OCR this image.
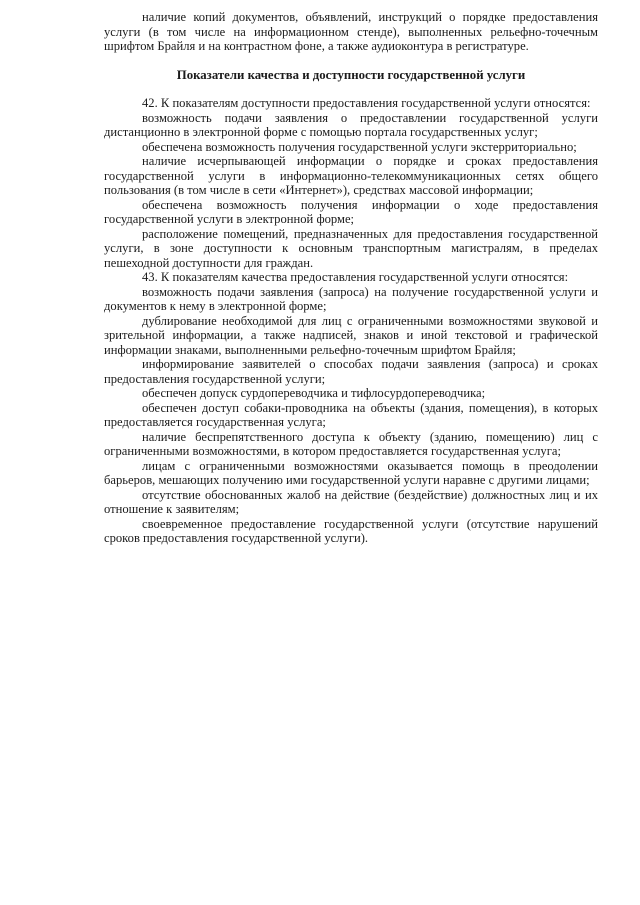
наличие копий документов, объявлений, инструкций о порядке предоставления услуги (в том числе на информационном стенде), выполненных рельефно-точечным шрифтом Брайля и на контрастном фоне, а также аудиоконтура в регистратуре.

Показатели качества и доступности государственной услуги

42. К показателям доступности предоставления государственной услуги относятся:

возможность подачи заявления о предоставлении государственной услуги дистанционно в электронной форме с помощью портала государственных услуг;

обеспечена возможность получения государственной услуги экстерриториально;

наличие исчерпывающей информации о порядке и сроках предоставления государственной услуги в информационно-телекоммуникационных сетях общего пользования (в том числе в сети «Интернет»), средствах массовой информации;

обеспечена возможность получения информации о ходе предоставления государственной услуги в электронной форме;

расположение помещений, предназначенных для предоставления государственной услуги, в зоне доступности к основным транспортным магистралям, в пределах пешеходной доступности для граждан.

43. К показателям качества предоставления государственной услуги относятся:

возможность подачи заявления (запроса) на получение государственной услуги и документов к нему в электронной форме;

дублирование необходимой для лиц с ограниченными возможностями звуковой и зрительной информации, а также надписей, знаков и иной текстовой и графической информации знаками, выполненными рельефно-точечным шрифтом Брайля;

информирование заявителей о способах подачи заявления (запроса) и сроках предоставления государственной услуги;

обеспечен допуск сурдопереводчика и тифлосурдопереводчика;

обеспечен доступ собаки-проводника на объекты (здания, помещения), в которых предоставляется государственная услуга;

наличие беспрепятственного доступа к объекту (зданию, помещению) лиц с ограниченными возможностями, в котором предоставляется государственная услуга;

лицам с ограниченными возможностями оказывается помощь в преодолении барьеров, мешающих получению ими государственной услуги наравне с другими лицами;

отсутствие обоснованных жалоб на действие (бездействие) должностных лиц и их отношение к заявителям;

своевременное предоставление государственной услуги (отсутствие нарушений сроков предоставления государственной услуги).
